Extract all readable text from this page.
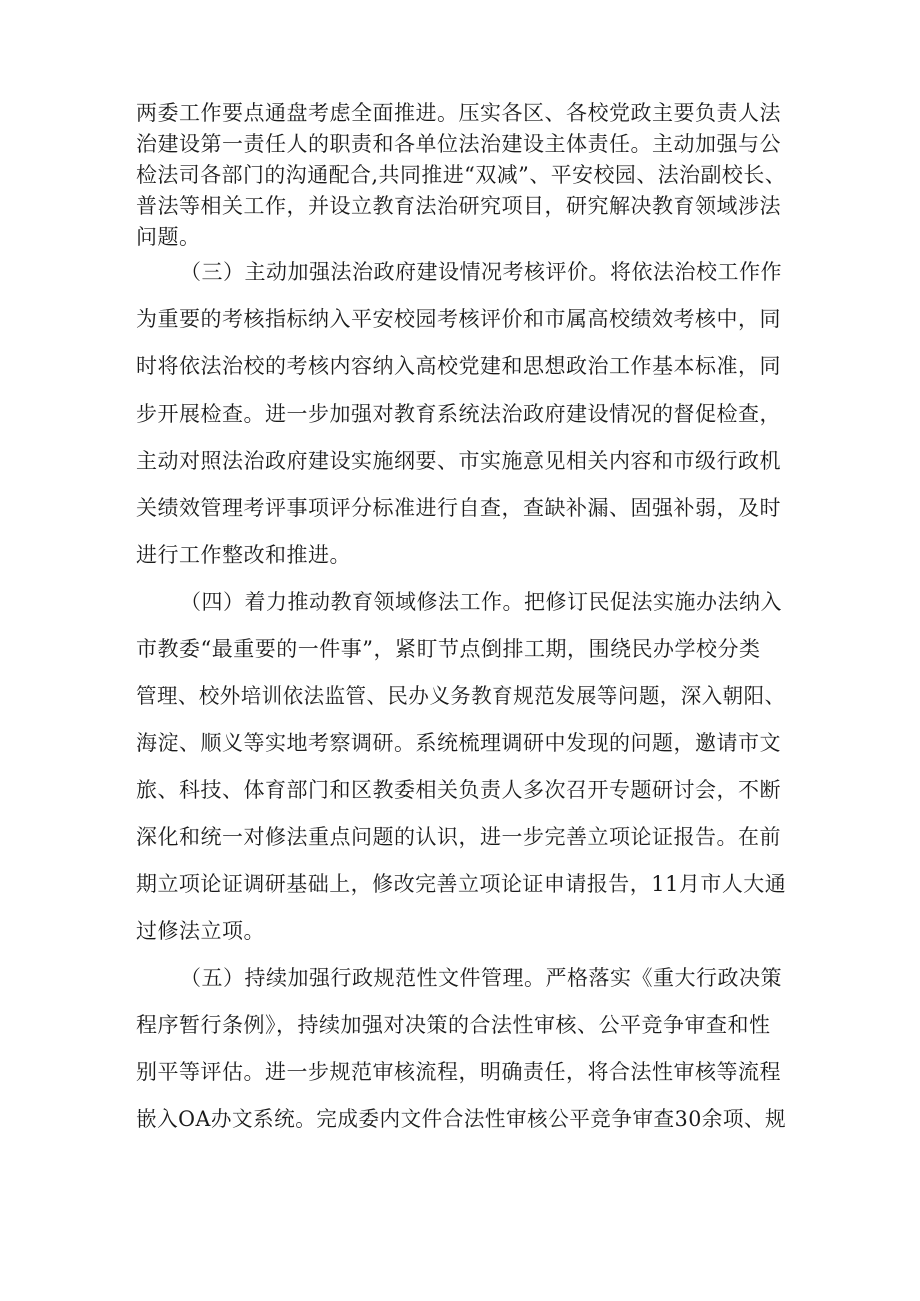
两委工作要点通盘考虑全面推进。压实各区、各校党政主要负责人法
治建设第一责任人的职责和各单位法治建设主体责任。主动加强与公
检法司各部门的沟通配合,共同推进“双减”、平安校园、法治副校长、
普法等相关工作，并设立教育法治研究项目，研究解决教育领域涉法
问题。
（三）主动加强法治政府建设情况考核评价。将依法治校工作作
为重要的考核指标纳入平安校园考核评价和市属高校绩效考核中，同
时将依法治校的考核内容纳入高校党建和思想政治工作基本标准，同
步开展检查。进一步加强对教育系统法治政府建设情况的督促检查，
主动对照法治政府建设实施纲要、市实施意见相关内容和市级行政机
关绩效管理考评事项评分标准进行自查，查缺补漏、固强补弱，及时
进行工作整改和推进。
（四）着力推动教育领域修法工作。把修订民促法实施办法纳入
市教委“最重要的一件事”，紧盯节点倒排工期，围绕民办学校分类
管理、校外培训依法监管、民办义务教育规范发展等问题，深入朝阳、
海淀、顺义等实地考察调研。系统梳理调研中发现的问题，邀请市文
旅、科技、体育部门和区教委相关负责人多次召开专题研讨会，不断
深化和统一对修法重点问题的认识，进一步完善立项论证报告。在前
期立项论证调研基础上，修改完善立项论证申请报告，11月市人大通
过修法立项。
（五）持续加强行政规范性文件管理。严格落实《重大行政决策
程序暂行条例》，持续加强对决策的合法性审核、公平竞争审查和性
别平等评估。进一步规范审核流程，明确责任，将合法性审核等流程
嵌入OA办文系统。完成委内文件合法性审核公平竞争审查30余项、规
